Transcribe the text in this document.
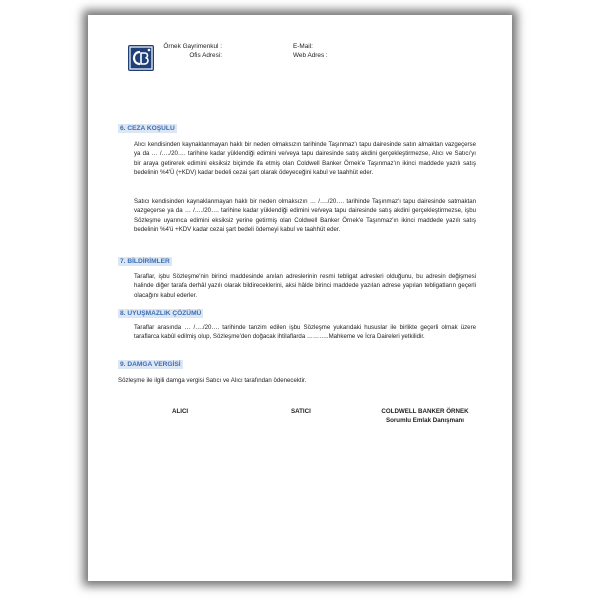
Örnek Gayrimenkul :
Ofis Adresi:
E-Mail:
Web Adres :
6. CEZA KOŞULU
Alıcı kendisinden kaynaklanmayan haklı bir neden olmaksızın tarihinde Taşınmaz'ı tapu dairesinde satın almaktan vazgeçerse ya da … /…./20…. tarihine kadar yüklendiği edimini ve/veya tapu dairesinde satış akdini gerçekleştirmezse, Alıcı ve Satıcı'yı bir araya getirerek edimini eksiksiz biçimde ifa etmiş olan Coldwell Banker Örnek'e Taşınmaz'ın ikinci maddede yazılı satış bedelinin %4'Ü (+KDV) kadar bedeli cezai şart olarak ödeyeceğini kabul ve taahhüt eder.
Satıcı kendisinden kaynaklanmayan haklı bir neden olmaksızın … /…./20…. tarihinde Taşınmaz'ı tapu dairesinde satmaktan vazgeçerse ya da … /…./20…. tarihine kadar yüklendiği edimini ve/veya tapu dairesinde satış akdini gerçekleştirmezse, işbu Sözleşme uyarınca edimini eksiksiz yerine getirmiş olan Coldwell Banker Örnek'e Taşınmaz'ın ikinci maddede yazılı satış bedelinin %4'ü +KDV kadar cezai şart bedeli ödemeyi kabul ve taahhüt eder.
7. BİLDİRİMLER
Taraflar, işbu Sözleşme'nin birinci maddesinde anılan adreslerinin resmi tebligat adresleri olduğunu, bu adresin değişmesi halinde diğer tarafa derhâl yazılı olarak bildireceklerini, aksi hâlde birinci maddede yazılan adrese yapılan tebligatların geçerli olacağını kabul ederler.
8. UYUŞMAZLIK ÇÖZÜMÜ
Taraflar arasında … /…./20…. tarihinde tanzim edilen işbu Sözleşme yukarıdaki hususlar ile birlikte geçerli olmak üzere taraflarca kabûl edilmiş olup, Sözleşme'den doğacak ihtilaflarda ………..Mahkeme ve İcra Daireleri yetkilidir.
9. DAMGA VERGİSİ
Sözleşme ile ilgili damga vergisi Satıcı ve Alıcı tarafından ödenecektir.
ALICI	SATICI	COLDWELL BANKER ÖRNEK
Sorumlu Emlak Danışmanı
